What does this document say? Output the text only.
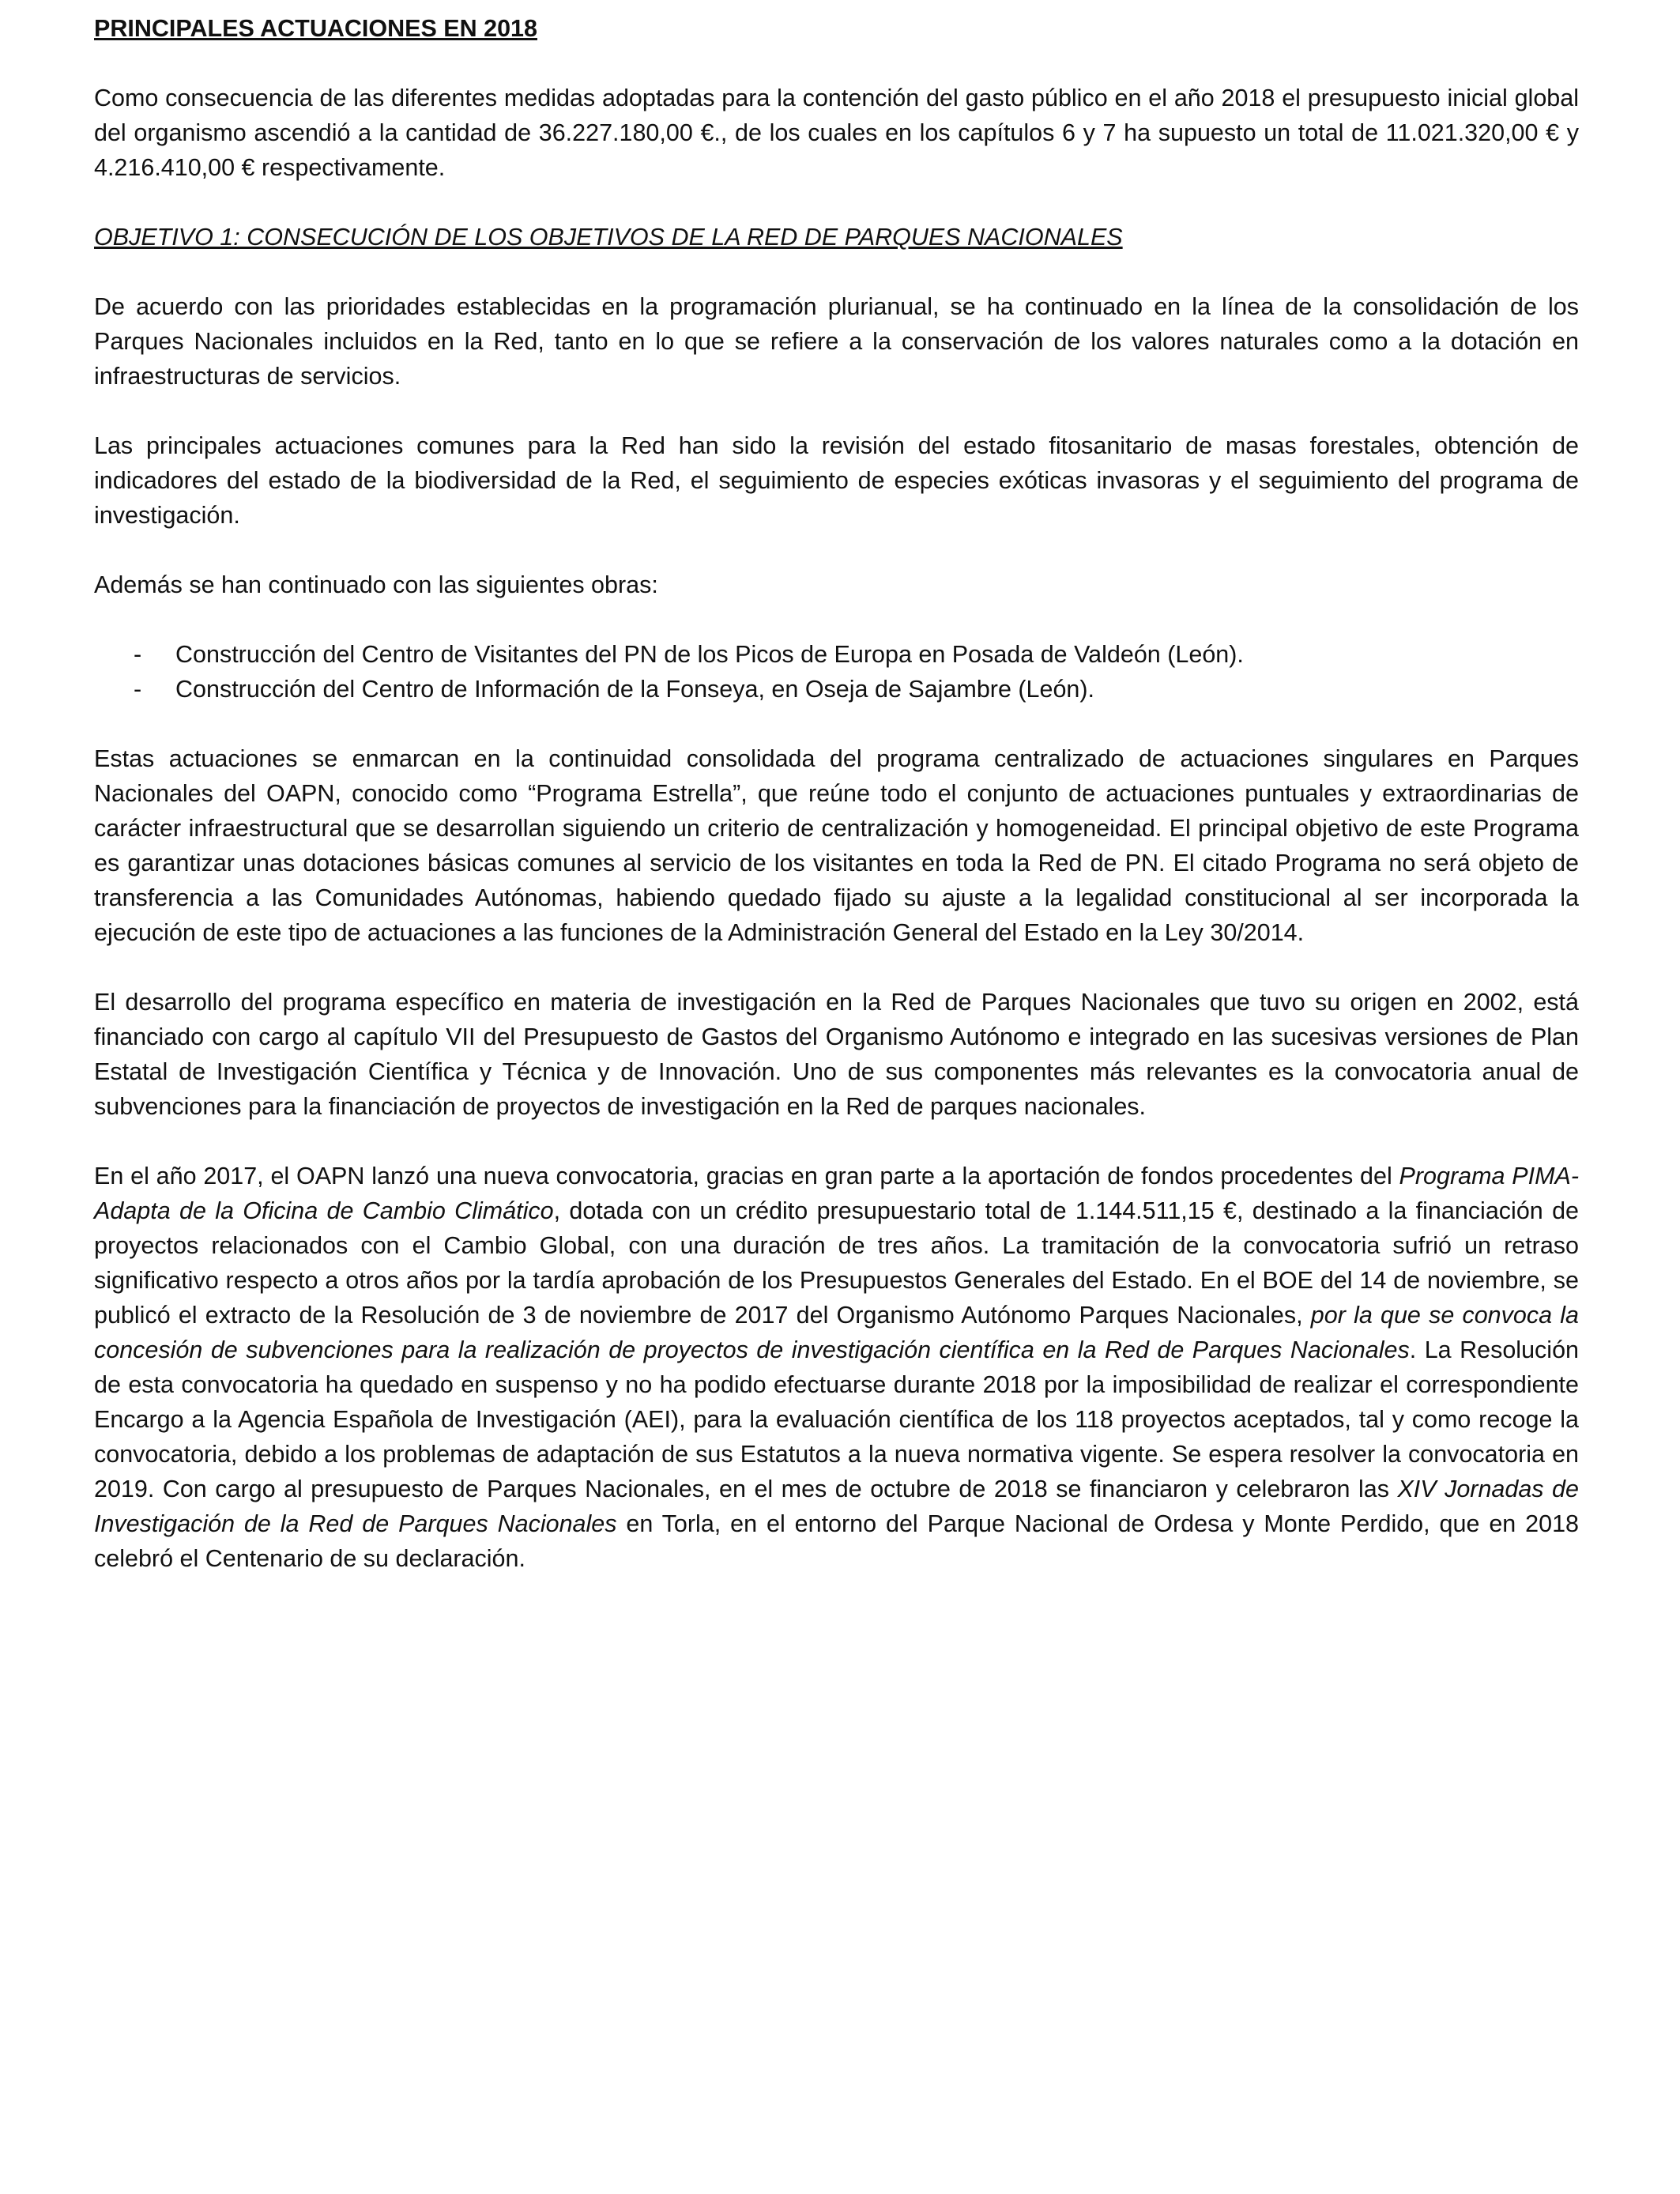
PRINCIPALES ACTUACIONES EN 2018

Como consecuencia de las diferentes medidas adoptadas para la contención del gasto público en el año 2018 el presupuesto inicial global del organismo ascendió a la cantidad de 36.227.180,00 €., de los cuales en los capítulos 6 y 7 ha supuesto un total de 11.021.320,00 € y 4.216.410,00 € respectivamente.

OBJETIVO 1: CONSECUCIÓN DE LOS OBJETIVOS DE LA RED DE PARQUES NACIONALES

De acuerdo con las prioridades establecidas en la programación plurianual, se ha continuado en la línea de la consolidación de los Parques Nacionales incluidos en la Red, tanto en lo que se refiere a la conservación de los valores naturales como a la dotación en infraestructuras de servicios.

Las principales actuaciones comunes para la Red han sido la revisión del estado fitosanitario de masas forestales, obtención de indicadores del estado de la biodiversidad de la Red, el seguimiento de especies exóticas invasoras y el seguimiento del programa de investigación.

Además se han continuado con las siguientes obras:

- Construcción del Centro de Visitantes del PN de los Picos de Europa en Posada de Valdeón (León).
- Construcción del Centro de Información de la Fonseya, en Oseja de Sajambre (León).

Estas actuaciones se enmarcan en la continuidad consolidada del programa centralizado de actuaciones singulares en Parques Nacionales del OAPN, conocido como “Programa Estrella”, que reúne todo el conjunto de actuaciones puntuales y extraordinarias de carácter infraestructural que se desarrollan siguiendo un criterio de centralización y homogeneidad. El principal objetivo de este Programa es garantizar unas dotaciones básicas comunes al servicio de los visitantes en toda la Red de PN. El citado Programa no será objeto de transferencia a las Comunidades Autónomas, habiendo quedado fijado su ajuste a la legalidad constitucional al ser incorporada la ejecución de este tipo de actuaciones a las funciones de la Administración General del Estado en la Ley 30/2014.

El desarrollo del programa específico en materia de investigación en la Red de Parques Nacionales que tuvo su origen en 2002, está financiado con cargo al capítulo VII del Presupuesto de Gastos del Organismo Autónomo e integrado en las sucesivas versiones de Plan Estatal de Investigación Científica y Técnica y de Innovación. Uno de sus componentes más relevantes es la convocatoria anual de subvenciones para la financiación de proyectos de investigación en la Red de parques nacionales.

En el año 2017, el OAPN lanzó una nueva convocatoria, gracias en gran parte a la aportación de fondos procedentes del Programa PIMA-Adapta de la Oficina de Cambio Climático, dotada con un crédito presupuestario total de 1.144.511,15 €, destinado a la financiación de proyectos relacionados con el Cambio Global, con una duración de tres años. La tramitación de la convocatoria sufrió un retraso significativo respecto a otros años por la tardía aprobación de los Presupuestos Generales del Estado. En el BOE del 14 de noviembre, se publicó el extracto de la Resolución de 3 de noviembre de 2017 del Organismo Autónomo Parques Nacionales, por la que se convoca la concesión de subvenciones para la realización de proyectos de investigación científica en la Red de Parques Nacionales. La Resolución de esta convocatoria ha quedado en suspenso y no ha podido efectuarse durante 2018 por la imposibilidad de realizar el correspondiente Encargo a la Agencia Española de Investigación (AEI), para la evaluación científica de los 118 proyectos aceptados, tal y como recoge la convocatoria, debido a los problemas de adaptación de sus Estatutos a la nueva normativa vigente. Se espera resolver la convocatoria en 2019. Con cargo al presupuesto de Parques Nacionales, en el mes de octubre de 2018 se financiaron y celebraron las XIV Jornadas de Investigación de la Red de Parques Nacionales en Torla, en el entorno del Parque Nacional de Ordesa y Monte Perdido, que en 2018 celebró el Centenario de su declaración.
